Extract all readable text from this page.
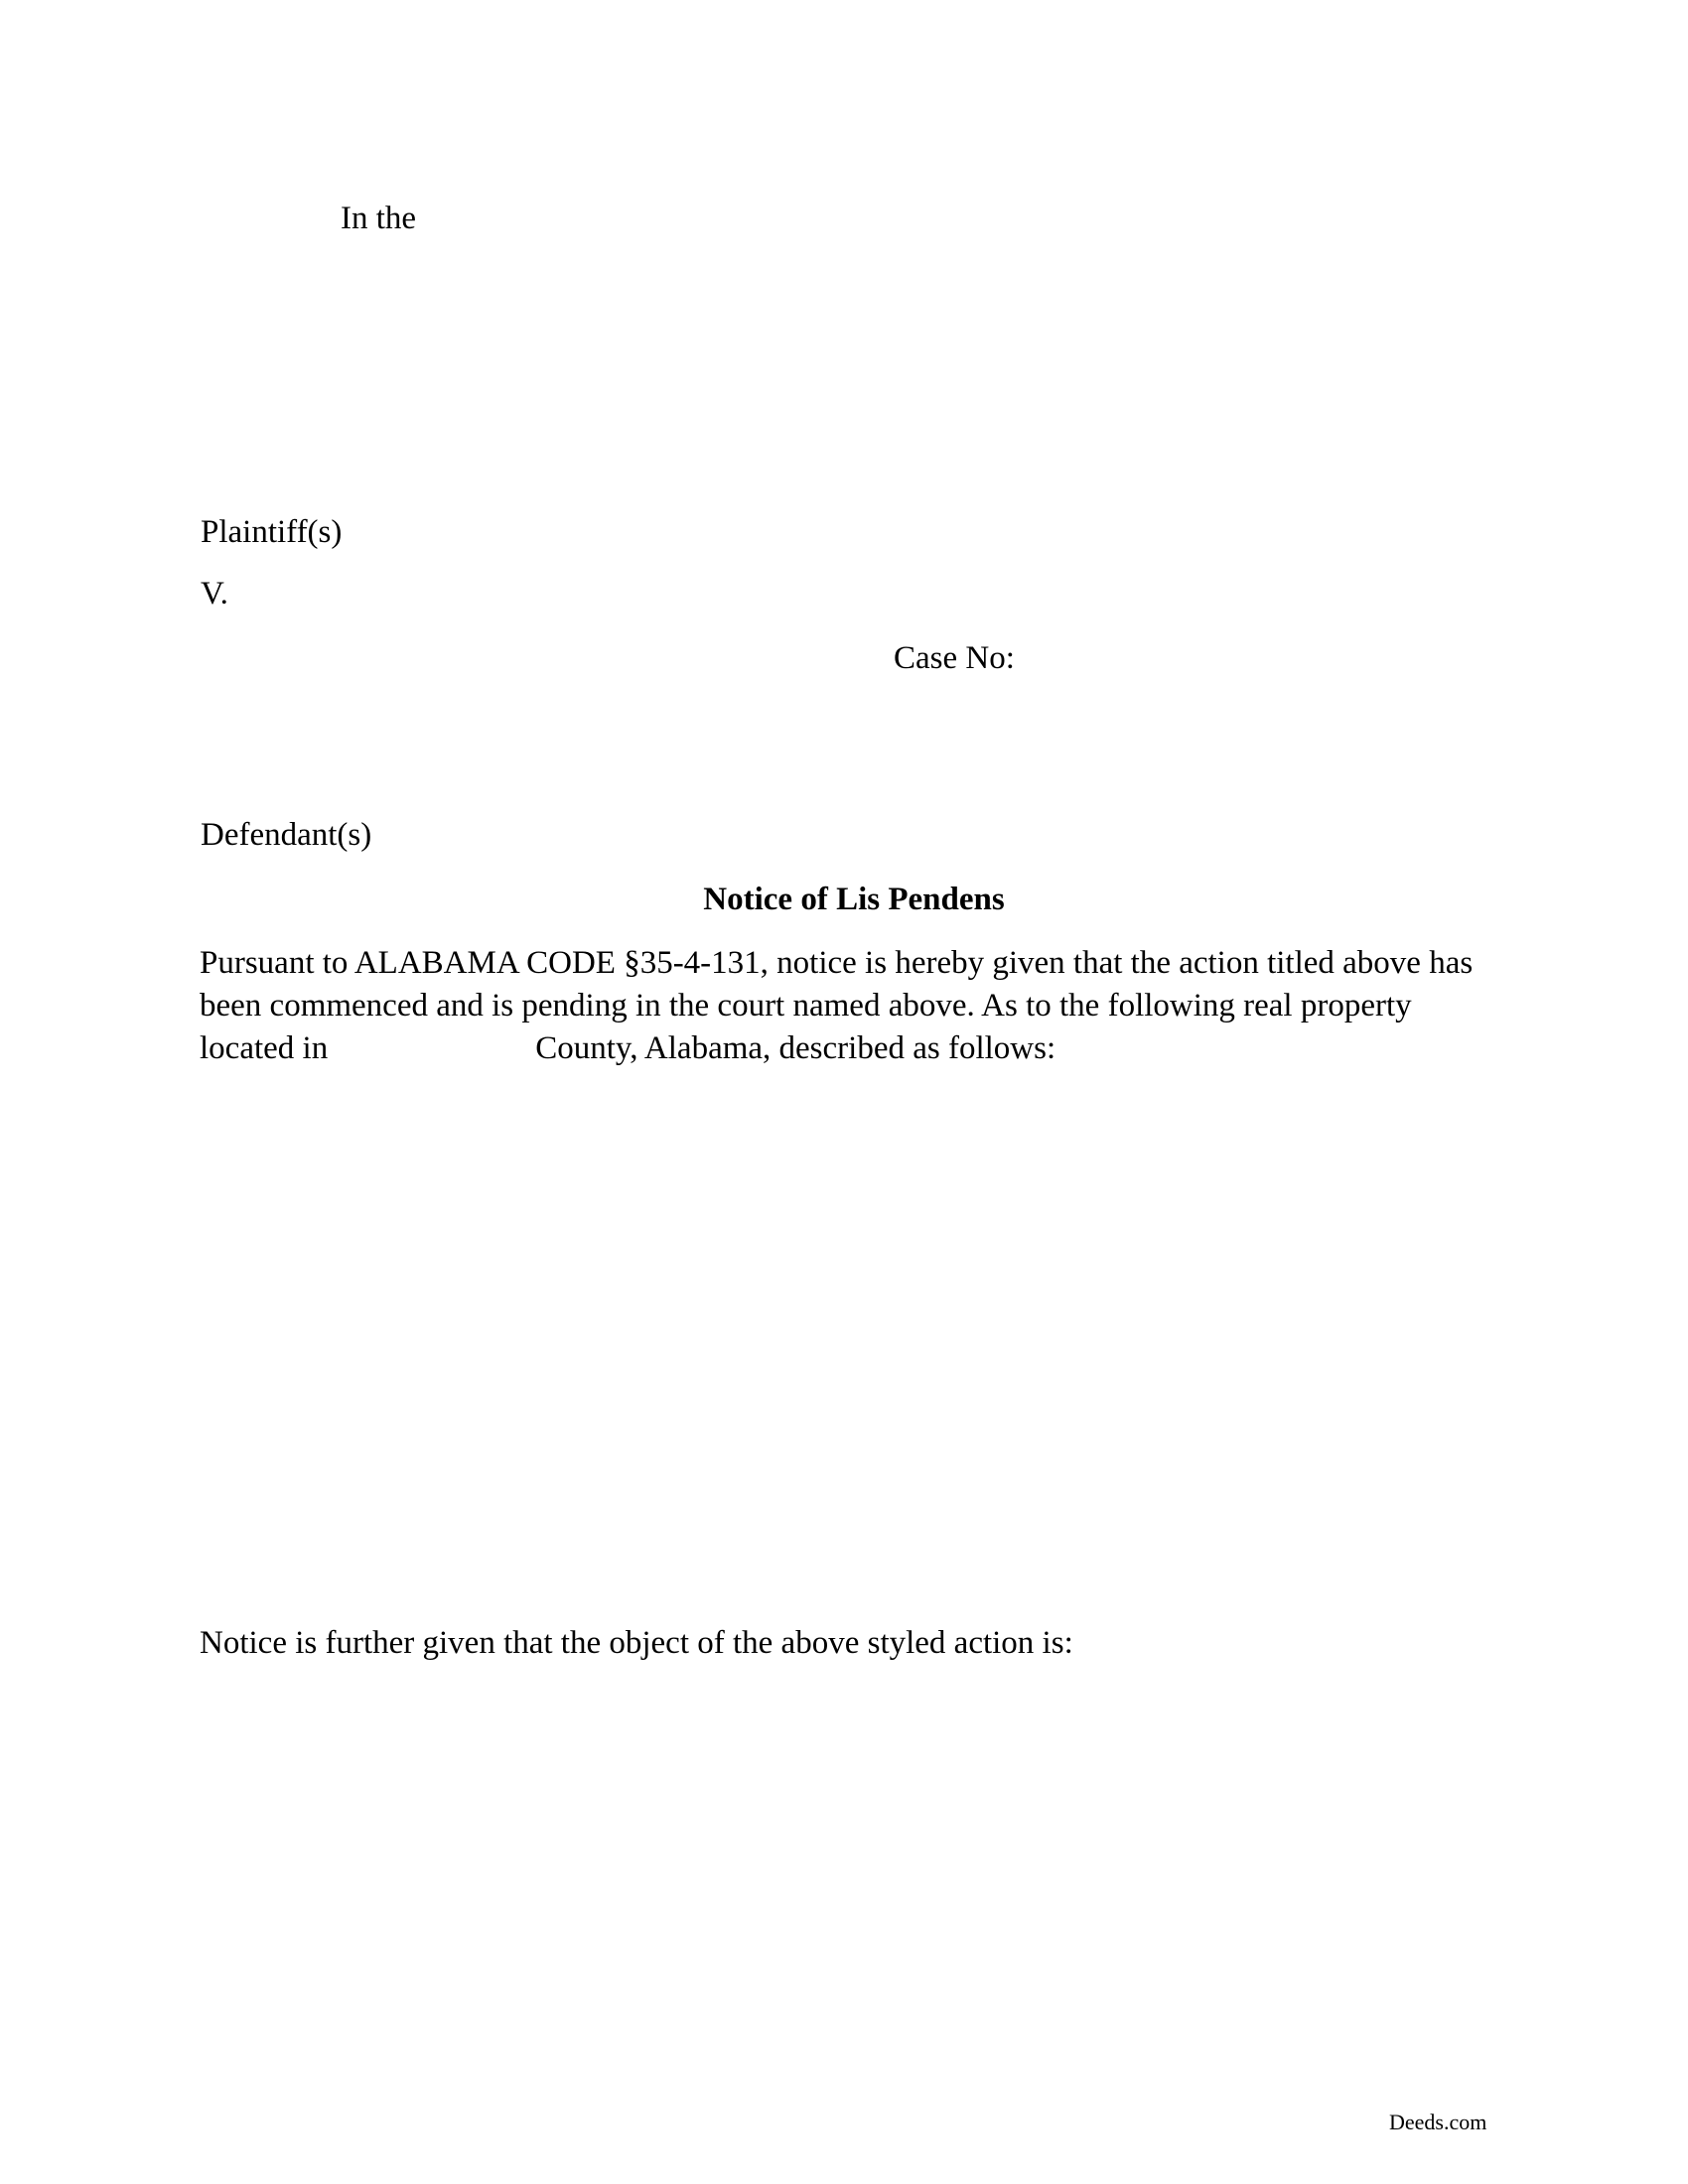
In the
Plaintiff(s)
V.
Case No:
Defendant(s)
Notice of Lis Pendens
Pursuant to ALABAMA CODE §35-4-131, notice is hereby given that the action titled above has
been commenced and is pending in the court named above. As to the following real property
located in	County, Alabama, described as follows:
Notice is further given that the object of the above styled action is:
Deeds.com
